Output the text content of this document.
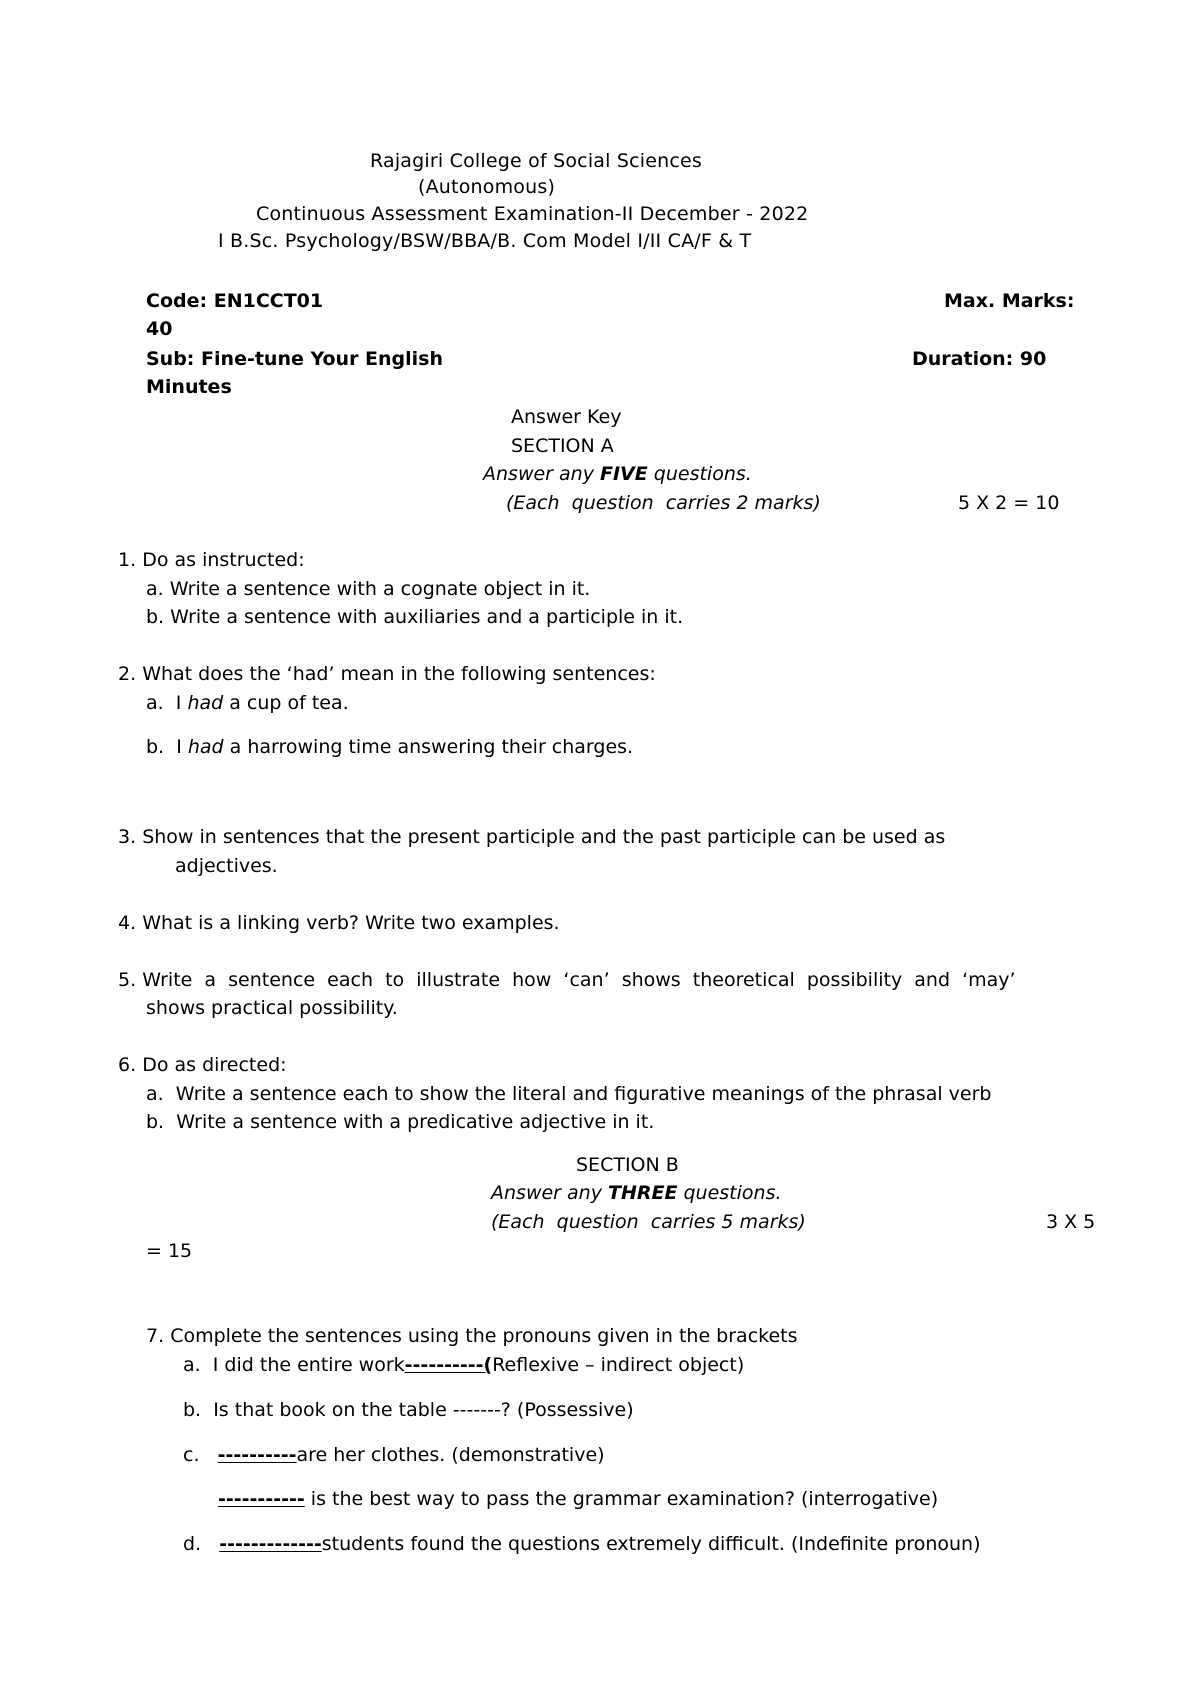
Rajagiri College of Social Sciences
(Autonomous)
Continuous Assessment Examination-II December - 2022
I B.Sc. Psychology/BSW/BBA/B. Com Model I/II CA/F & T
Code: EN1CCT01	Max. Marks:
40
Sub: Fine-tune Your English	Duration: 90
Minutes
Answer Key
SECTION A
Answer any FIVE questions.
(Each  question  carries 2 marks)	5 X 2 = 10
1. Do as instructed:
a. Write a sentence with a cognate object in it.
b. Write a sentence with auxiliaries and a participle in it.
2. What does the ‘had’ mean in the following sentences:
a. I had a cup of tea.
b. I had a harrowing time answering their charges.
3. Show in sentences that the present participle and the past participle can be used as
adjectives.
4. What is a linking verb? Write two examples.
5. Write  a  sentence  each  to  illustrate  how  ‘can’  shows  theoretical  possibility  and  ‘may’
shows practical possibility.
6. Do as directed:
a. Write a sentence each to show the literal and figurative meanings of the phrasal verb
b. Write a sentence with a predicative adjective in it.
SECTION B
Answer any THREE questions.
(Each  question  carries 5 marks)	3 X 5
= 15
7. Complete the sentences using the pronouns given in the brackets
a. I did the entire work----------(Reflexive – indirect object)
b. Is that book on the table -------? (Possessive)
c. ----------are her clothes. (demonstrative)
----------- is the best way to pass the grammar examination? (interrogative)
d. -------------students found the questions extremely difficult. (Indefinite pronoun)
